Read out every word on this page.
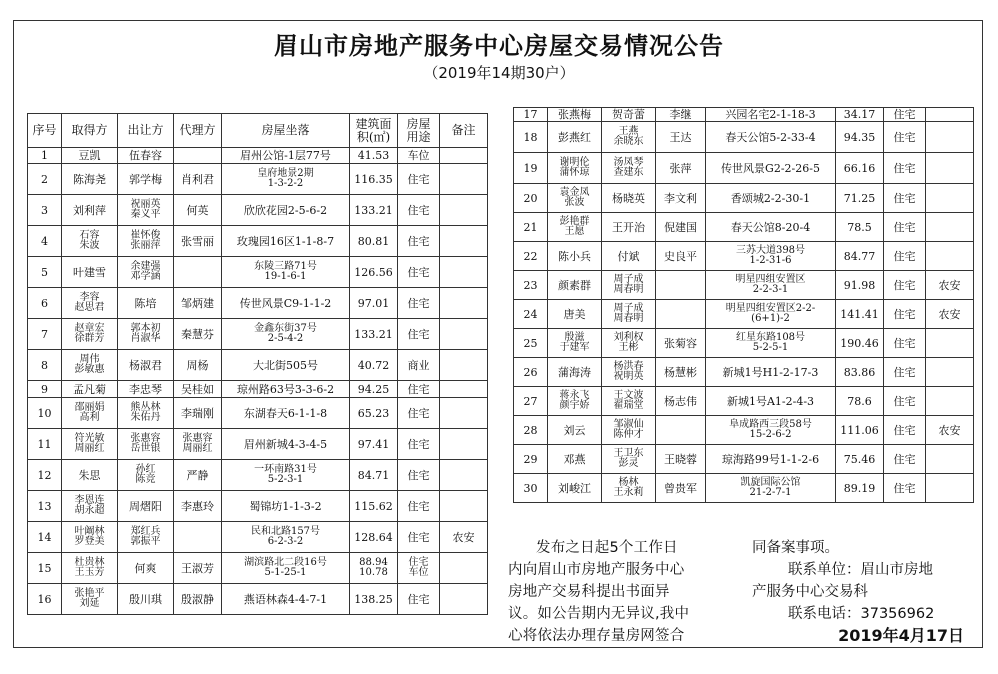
眉山市房地产服务中心房屋交易情况公告
（2019年14期30户）
序号	取得方	出让方	代理方	房屋坐落	建筑面
积(㎡)	房屋
用途	备注

1	豆凯	伍春容		眉州公馆-1层77号	41.53	车位	

2	陈海尧	郭学梅	肖利君	皇府地景2期
1-3-2-2	116.35	住宅	

3	刘利萍	祝丽英
秦义平	何英	欣欣花园2-5-6-2	133.21	住宅	

4	石容
朱波	崔怀俊
张丽萍	张雪丽	玫瑰园16区1-1-8-7	80.81	住宅	

5	叶建雪	余建强
邓学涵		东陵三路71号
19-1-6-1	126.56	住宅	

6	李容
赵思君	陈培	邹炳建	传世风景C9-1-1-2	97.01	住宅	

7	赵章宏
徐群芳	郭本初
肖淑华	秦慧芬	金鑫东街37号
2-5-4-2	133.21	住宅	

8	周伟
彭敏惠	杨淑君	周杨	大北街505号	40.72	商业	

9	孟凡菊	李忠琴	吴桂如	琼州路63号3-3-6-2	94.25	住宅	

10	邵丽娟
高利	熊丛林
朱佑丹	李瑞刚	东湖春天6-1-1-8	65.23	住宅	

11	符光敏
周丽红	张惠容
岳世银	张惠容
周丽红	眉州新城4-3-4-5	97.41	住宅	

12	朱思	孙红
陈竞	严静	一环南路31号
5-2-3-1	84.71	住宅	

13	李恩连
胡永超	周熠阳	李惠玲	蜀锦坊1-1-3-2	115.62	住宅	

14	叶阚林
罗登美	郑红兵
郭振平		民和北路157号
6-2-3-2	128.64	住宅	农安

15	杜贵林
王玉芳	何爽	王淑芳	湖滨路北二段16号
5-1-25-1	88.94
10.78	住宅
车位	

16	张艳平
刘延	殷川琪	殷淑静	燕语林森4-4-7-1	138.25	住宅	

17	张燕梅	贺奇蕾	李继	兴园名宅2-1-18-3	34.17	住宅	

18	彭燕红	王燕
余晓东	王达	春天公馆5-2-33-4	94.35	住宅	

19	谢明伦
蒲怀琼	汤凤琴
查建东	张萍	传世风景G2-2-26-5	66.16	住宅	

20	袁金凤
张波	杨晓英	李文利	香颂城2-2-30-1	71.25	住宅	

21	彭艳群
王愿	王开治	倪建国	春天公馆8-20-4	78.5	住宅	

22	陈小兵	付斌	史良平	三苏大道398号
1-2-31-6	84.77	住宅	

23	颜素群	周子成
周春明		明星四组安置区
2-2-3-1	91.98	住宅	农安

24	唐美	周子成
周春明		明星四组安置区2-2-
(6+1)-2	141.41	住宅	农安

25	殷滋
于建军	刘利权
王彬	张菊容	红星东路108号
5-2-5-1	190.46	住宅	

26	蒲海涛	杨洪春
祝明英	杨慧彬	新城1号H1-2-17-3	83.86	住宅	

27	蒋永飞
颜宇娇	王文波
翟瑞堂	杨志伟	新城1号A1-2-4-3	78.6	住宅	

28	刘云	邹淑仙
陈仲才		阜成路西三段58号
15-2-6-2	111.06	住宅	农安

29	邓燕	王卫东
彭灵	王晓蓉	琼海路99号1-1-2-6	75.46	住宅	

30	刘峻江	杨林
王永莉	曾贵军	凯旋国际公馆
21-2-7-1	89.19	住宅	

发布之日起5个工作日

内向眉山市房地产服务中心

房地产交易科提出书面异

议。如公告期内无异议,我中

心将依法办理存量房网签合

同备案事项。

联系单位：眉山市房地

产服务中心交易科

联系电话：37356962

2019年4月17日
